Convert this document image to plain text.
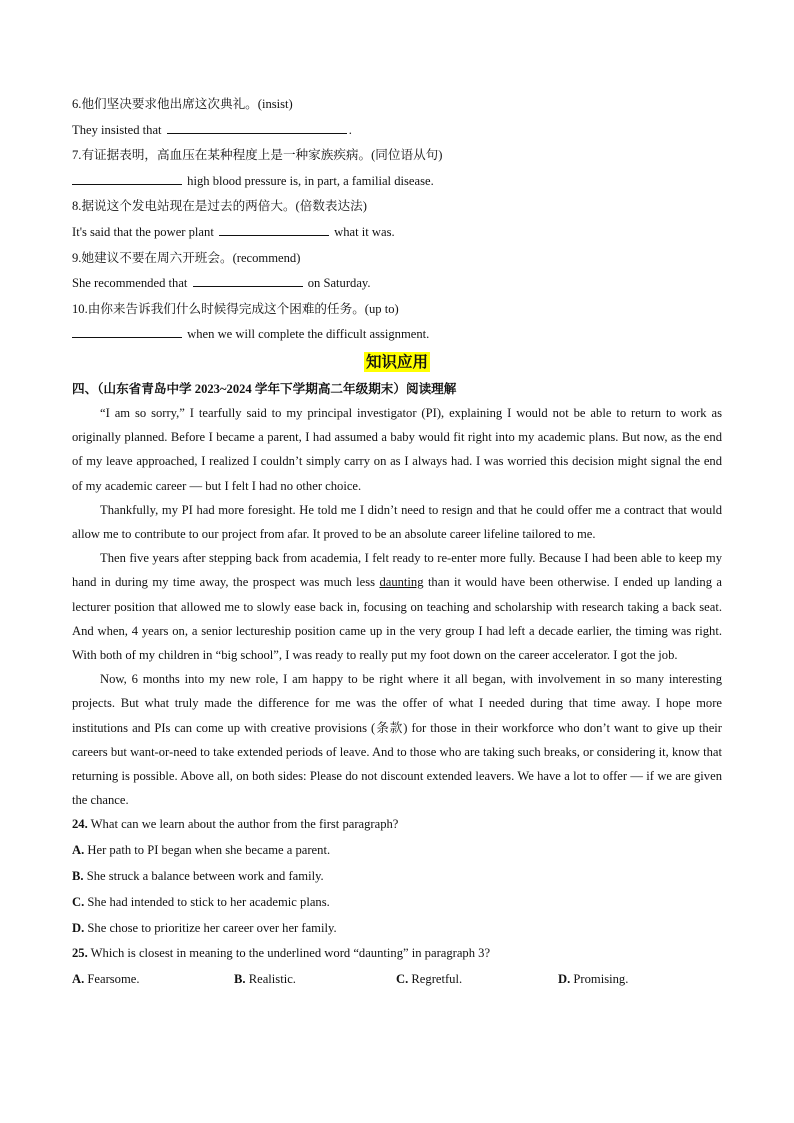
6.他们坚决要求他出席这次典礼。(insist)
They insisted that	.
7.有证据表明，高血压在某种程度上是一种家族疾病。(同位语从句)
high blood pressure is, in part, a familial disease.
8.据说这个发电站现在是过去的两倍大。(倍数表达法)
It's said that the power plant	what it was.
9.她建议不要在周六开班会。(recommend)
She recommended that	on Saturday.
10.由你来告诉我们什么时候得完成这个困难的任务。(up to)
when we will complete the difficult assignment.
知识应用
四、（山东省青岛中学 2023~2024 学年下学期高二年级期末）阅读理解

“I am so sorry,” I tearfully said to my principal investigator (PI), explaining I would not be able to return to work as originally planned. Before I became a parent, I had assumed a baby would fit right into my academic plans. But now, as the end of my leave approached, I realized I couldn’t simply carry on as I always had. I was worried this decision might signal the end of my academic career — but I felt I had no other choice.

Thankfully, my PI had more foresight. He told me I didn’t need to resign and that he could offer me a contract that would allow me to contribute to our project from afar. It proved to be an absolute career lifeline tailored to me.

Then five years after stepping back from academia, I felt ready to re-enter more fully. Because I had been able to keep my hand in during my time away, the prospect was much less daunting than it would have been otherwise. I ended up landing a lecturer position that allowed me to slowly ease back in, focusing on teaching and scholarship with research taking a back seat. And when, 4 years on, a senior lectureship position came up in the very group I had left a decade earlier, the timing was right. With both of my children in “big school”, I was ready to really put my foot down on the career accelerator. I got the job.

Now, 6 months into my new role, I am happy to be right where it all began, with involvement in so many interesting projects. But what truly made the difference for me was the offer of what I needed during that time away. I hope more institutions and PIs can come up with creative provisions (条款) for those in their workforce who don’t want to give up their careers but want-or-need to take extended periods of leave. And to those who are taking such breaks, or considering it, know that returning is possible. Above all, on both sides: Please do not discount extended leavers. We have a lot to offer — if we are given the chance.

24. What can we learn about the author from the first paragraph?
A. Her path to PI began when she became a parent.
B. She struck a balance between work and family.
C. She had intended to stick to her academic plans.
D. She chose to prioritize her career over her family.
25. Which is closest in meaning to the underlined word “daunting” in paragraph 3?
A. Fearsome.	B. Realistic.	C. Regretful.	D. Promising.
